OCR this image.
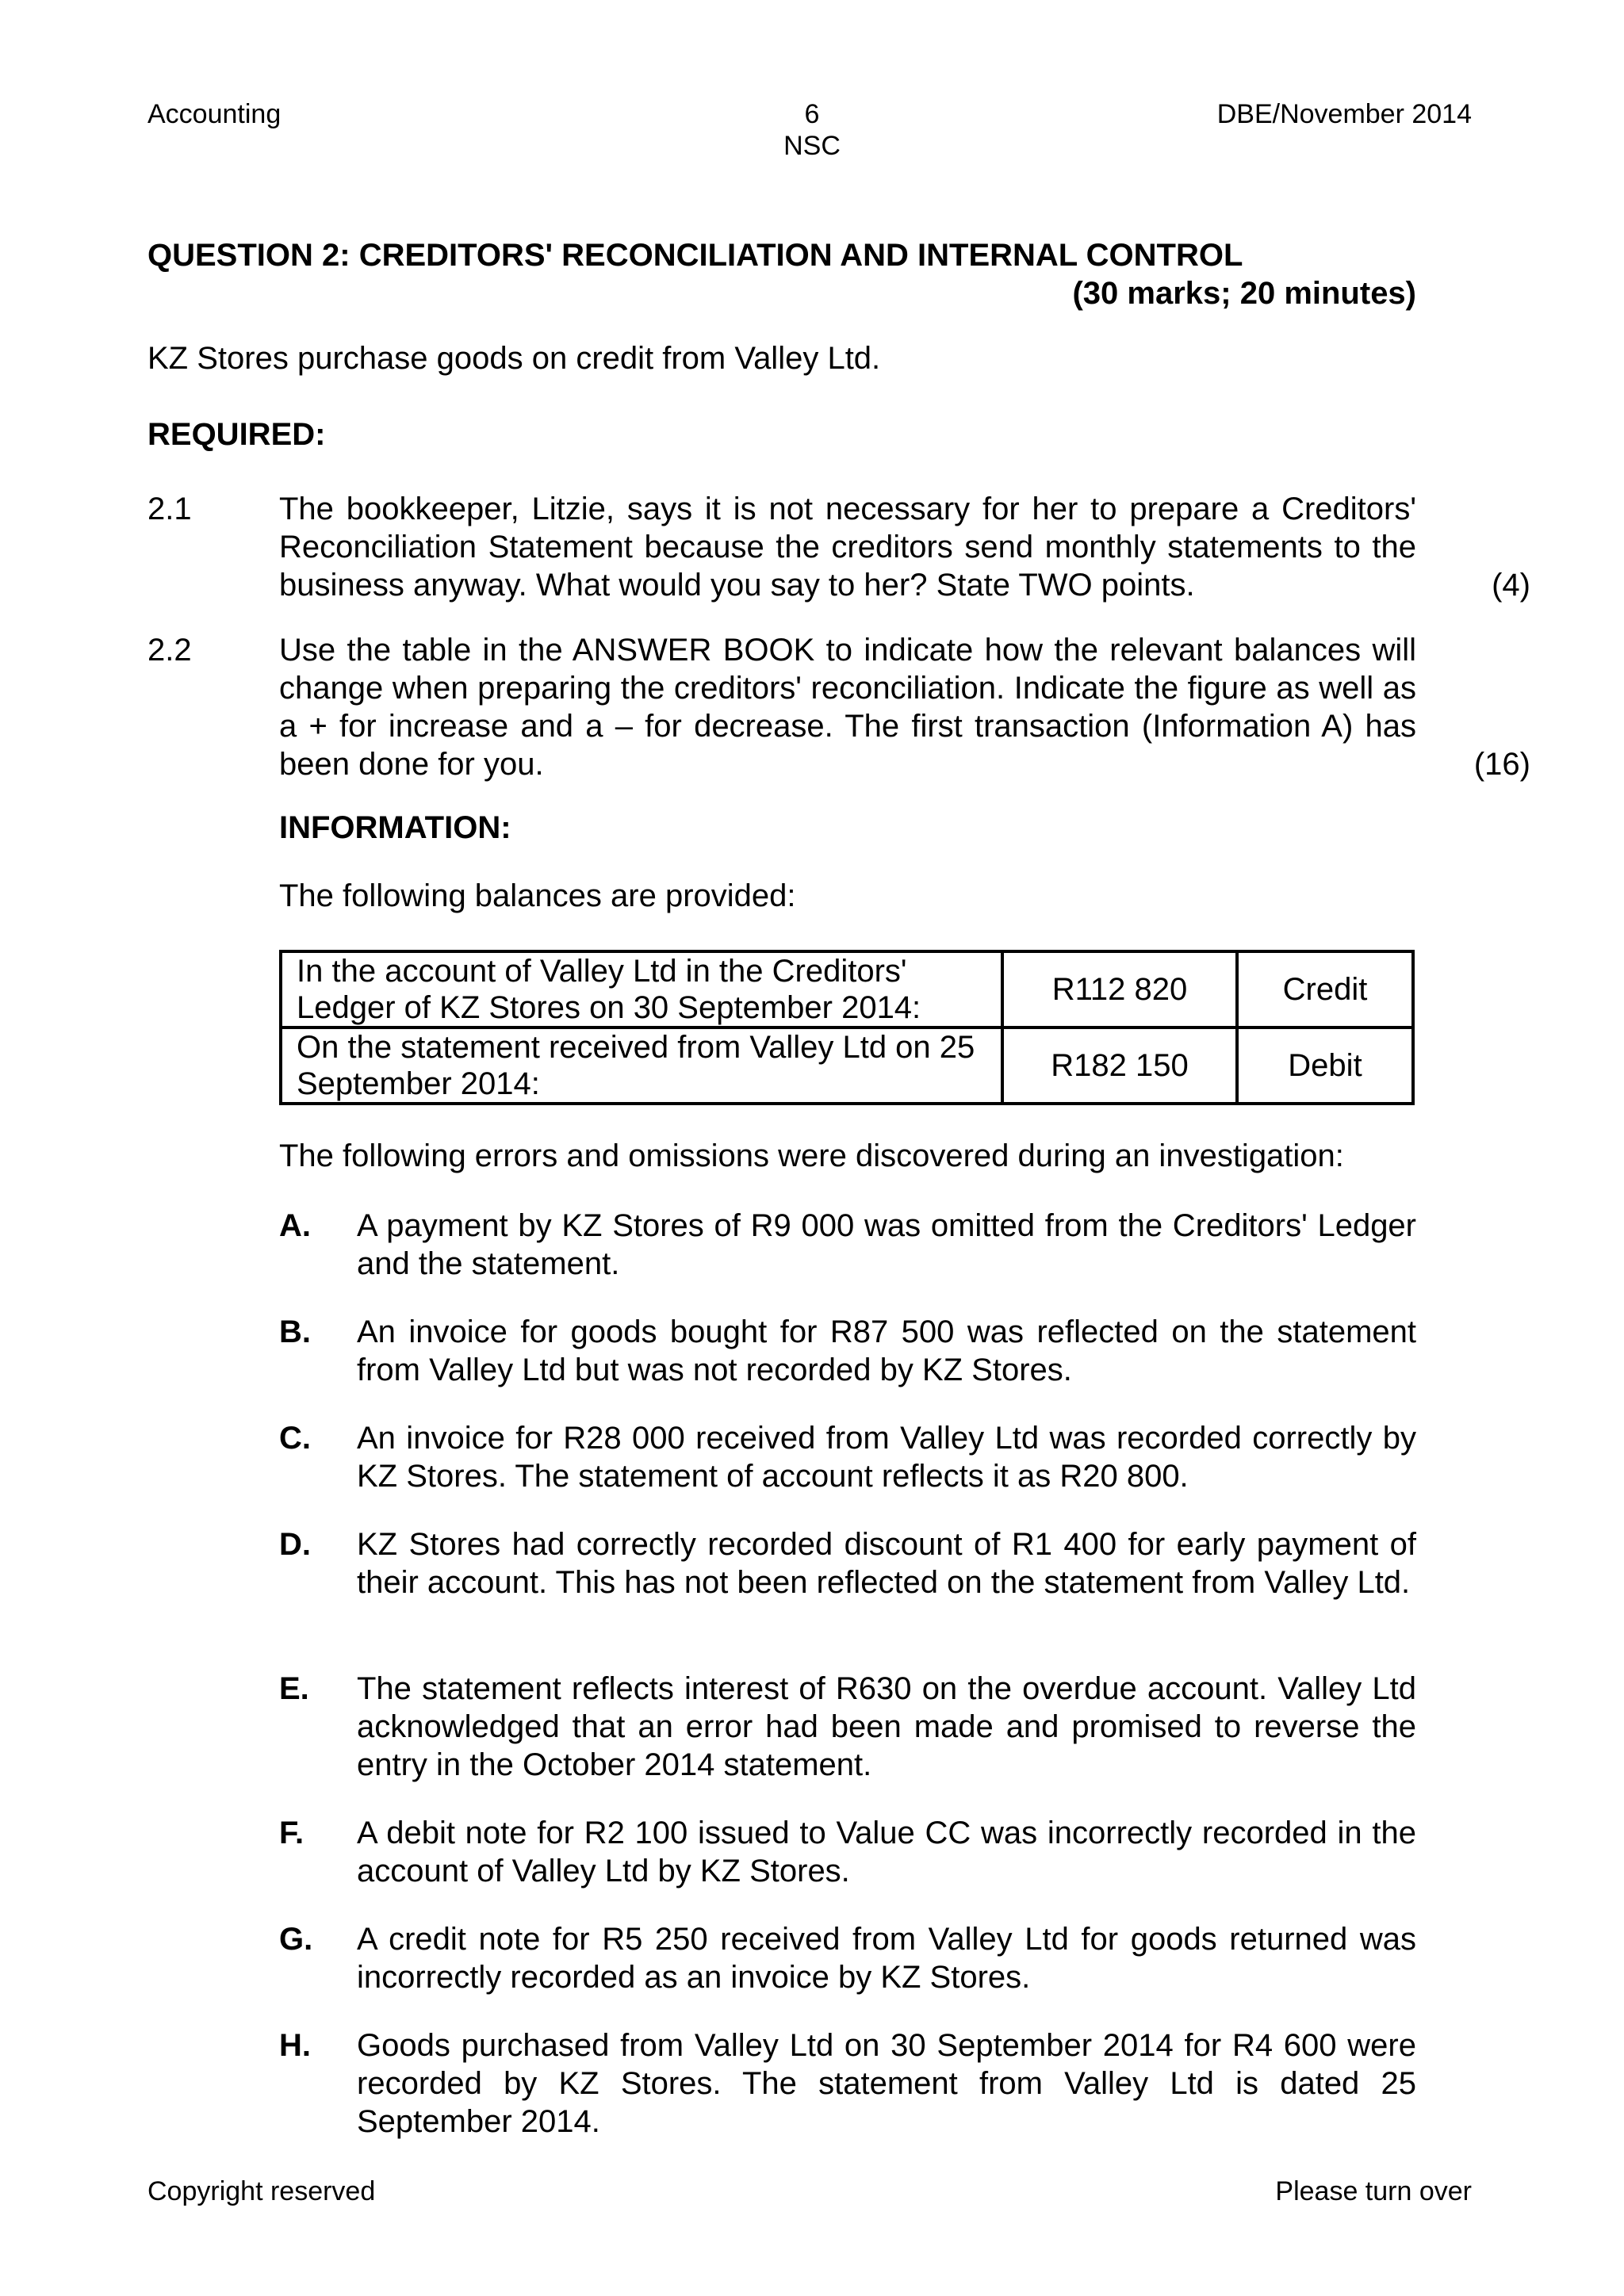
Accounting	6
NSC
DBE/November 2014
QUESTION 2: CREDITORS' RECONCILIATION AND INTERNAL CONTROL
(30 marks; 20 minutes)
KZ Stores purchase goods on credit from Valley Ltd.
REQUIRED:
2.1	The bookkeeper, Litzie, says it is not necessary for her to prepare a Creditors' Reconciliation Statement because the creditors send monthly statements to the business anyway. What would you say to her? State TWO points.	(4)
2.2	Use the table in the ANSWER BOOK to indicate how the relevant balances will change when preparing the creditors' reconciliation. Indicate the figure as well as a + for increase and a – for decrease. The first transaction (Information A) has been done for you.	(16)
INFORMATION:
The following balances are provided:
In the account of Valley Ltd in the Creditors' Ledger of KZ Stores on 30 September 2014:	R112 820	Credit
On the statement received from Valley Ltd on 25 September 2014:	R182 150	Debit
The following errors and omissions were discovered during an investigation:
A. A payment by KZ Stores of R9 000 was omitted from the Creditors' Ledger and the statement.
B. An invoice for goods bought for R87 500 was reflected on the statement from Valley Ltd but was not recorded by KZ Stores.
C. An invoice for R28 000 received from Valley Ltd was recorded correctly by KZ Stores. The statement of account reflects it as R20 800.
D. KZ Stores had correctly recorded discount of R1 400 for early payment of their account. This has not been reflected on the statement from Valley Ltd.
E. The statement reflects interest of R630 on the overdue account. Valley Ltd acknowledged that an error had been made and promised to reverse the entry in the October 2014 statement.
F. A debit note for R2 100 issued to Value CC was incorrectly recorded in the account of Valley Ltd by KZ Stores.
G. A credit note for R5 250 received from Valley Ltd for goods returned was incorrectly recorded as an invoice by KZ Stores.
H. Goods purchased from Valley Ltd on 30 September 2014 for R4 600 were recorded by KZ Stores. The statement from Valley Ltd is dated 25 September 2014.
Copyright reserved	Please turn over
